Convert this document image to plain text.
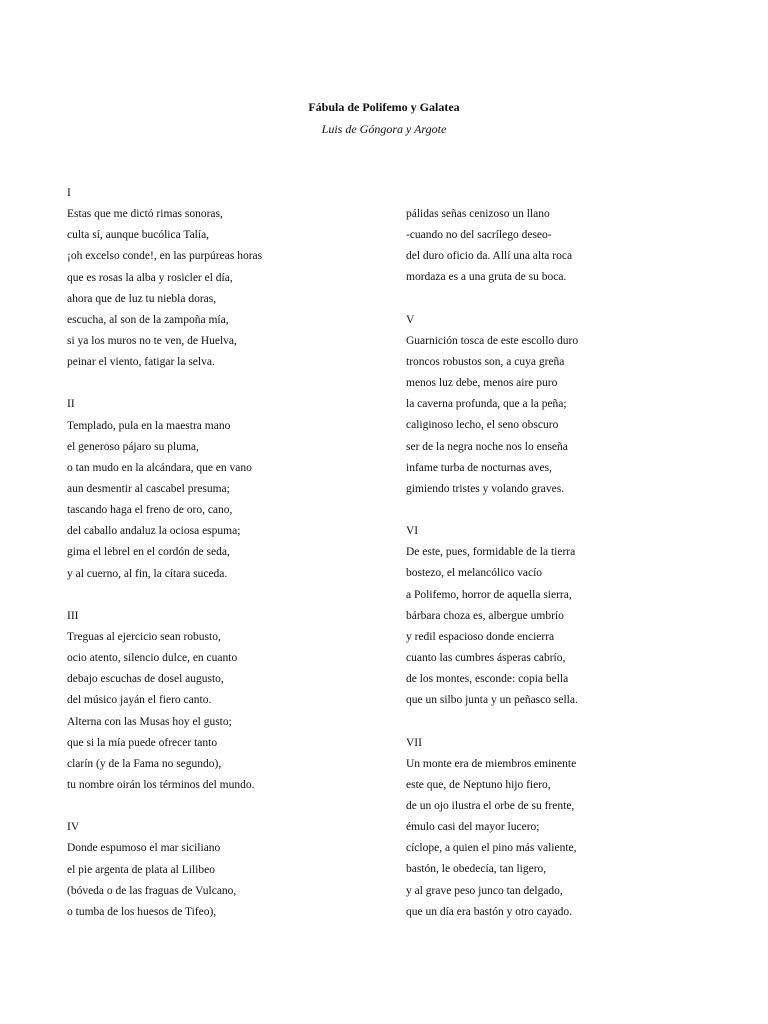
Fábula de Polifemo y Galatea
Luis de Góngora y Argote
I
Estas que me dictó rimas sonoras,
culta sí, aunque bucólica Talía,
¡oh excelso conde!, en las purpúreas horas
que es rosas la alba y rosicler el día,
ahora que de luz tu niebla doras,
escucha, al son de la zampoña mía,
si ya los muros no te ven, de Huelva,
peinar el viento, fatigar la selva.
II
Templado, pula en la maestra mano
el generoso pájaro su pluma,
o tan mudo en la alcándara, que en vano
aun desmentir al cascabel presuma;
tascando haga el freno de oro, cano,
del caballo andaluz la ociosa espuma;
gima el lebrel en el cordón de seda,
y al cuerno, al fin, la cítara suceda.
III
Treguas al ejercicio sean robusto,
ocio atento, silencio dulce, en cuanto
debajo escuchas de dosel augusto,
del músico jayán el fiero canto.
Alterna con las Musas hoy el gusto;
que si la mía puede ofrecer tanto
clarín (y de la Fama no segundo),
tu nombre oirán los términos del mundo.
IV
Donde espumoso el mar siciliano
el pie argenta de plata al Lilibeo
(bóveda o de las fraguas de Vulcano,
o tumba de los huesos de Tifeo),
pálidas señas cenizoso un llano
-cuando no del sacrílego deseo-
del duro oficio da. Allí una alta roca
mordaza es a una gruta de su boca.
V
Guarnición tosca de este escollo duro
troncos robustos son, a cuya greña
menos luz debe, menos aire puro
la caverna profunda, que a la peña;
caliginoso lecho, el seno obscuro
ser de la negra noche nos lo enseña
infame turba de nocturnas aves,
gimiendo tristes y volando graves.
VI
De este, pues, formidable de la tierra
bostezo, el melancólico vacío
a Polifemo, horror de aquella sierra,
bárbara choza es, albergue umbrío
y redil espacioso donde encierra
cuanto las cumbres ásperas cabrío,
de los montes, esconde: copia bella
que un silbo junta y un peñasco sella.
VII
Un monte era de miembros eminente
este que, de Neptuno hijo fiero,
de un ojo ilustra el orbe de su frente,
émulo casi del mayor lucero;
cíclope, a quien el pino más valiente,
bastón, le obedecía, tan ligero,
y al grave peso junco tan delgado,
que un día era bastón y otro cayado.
